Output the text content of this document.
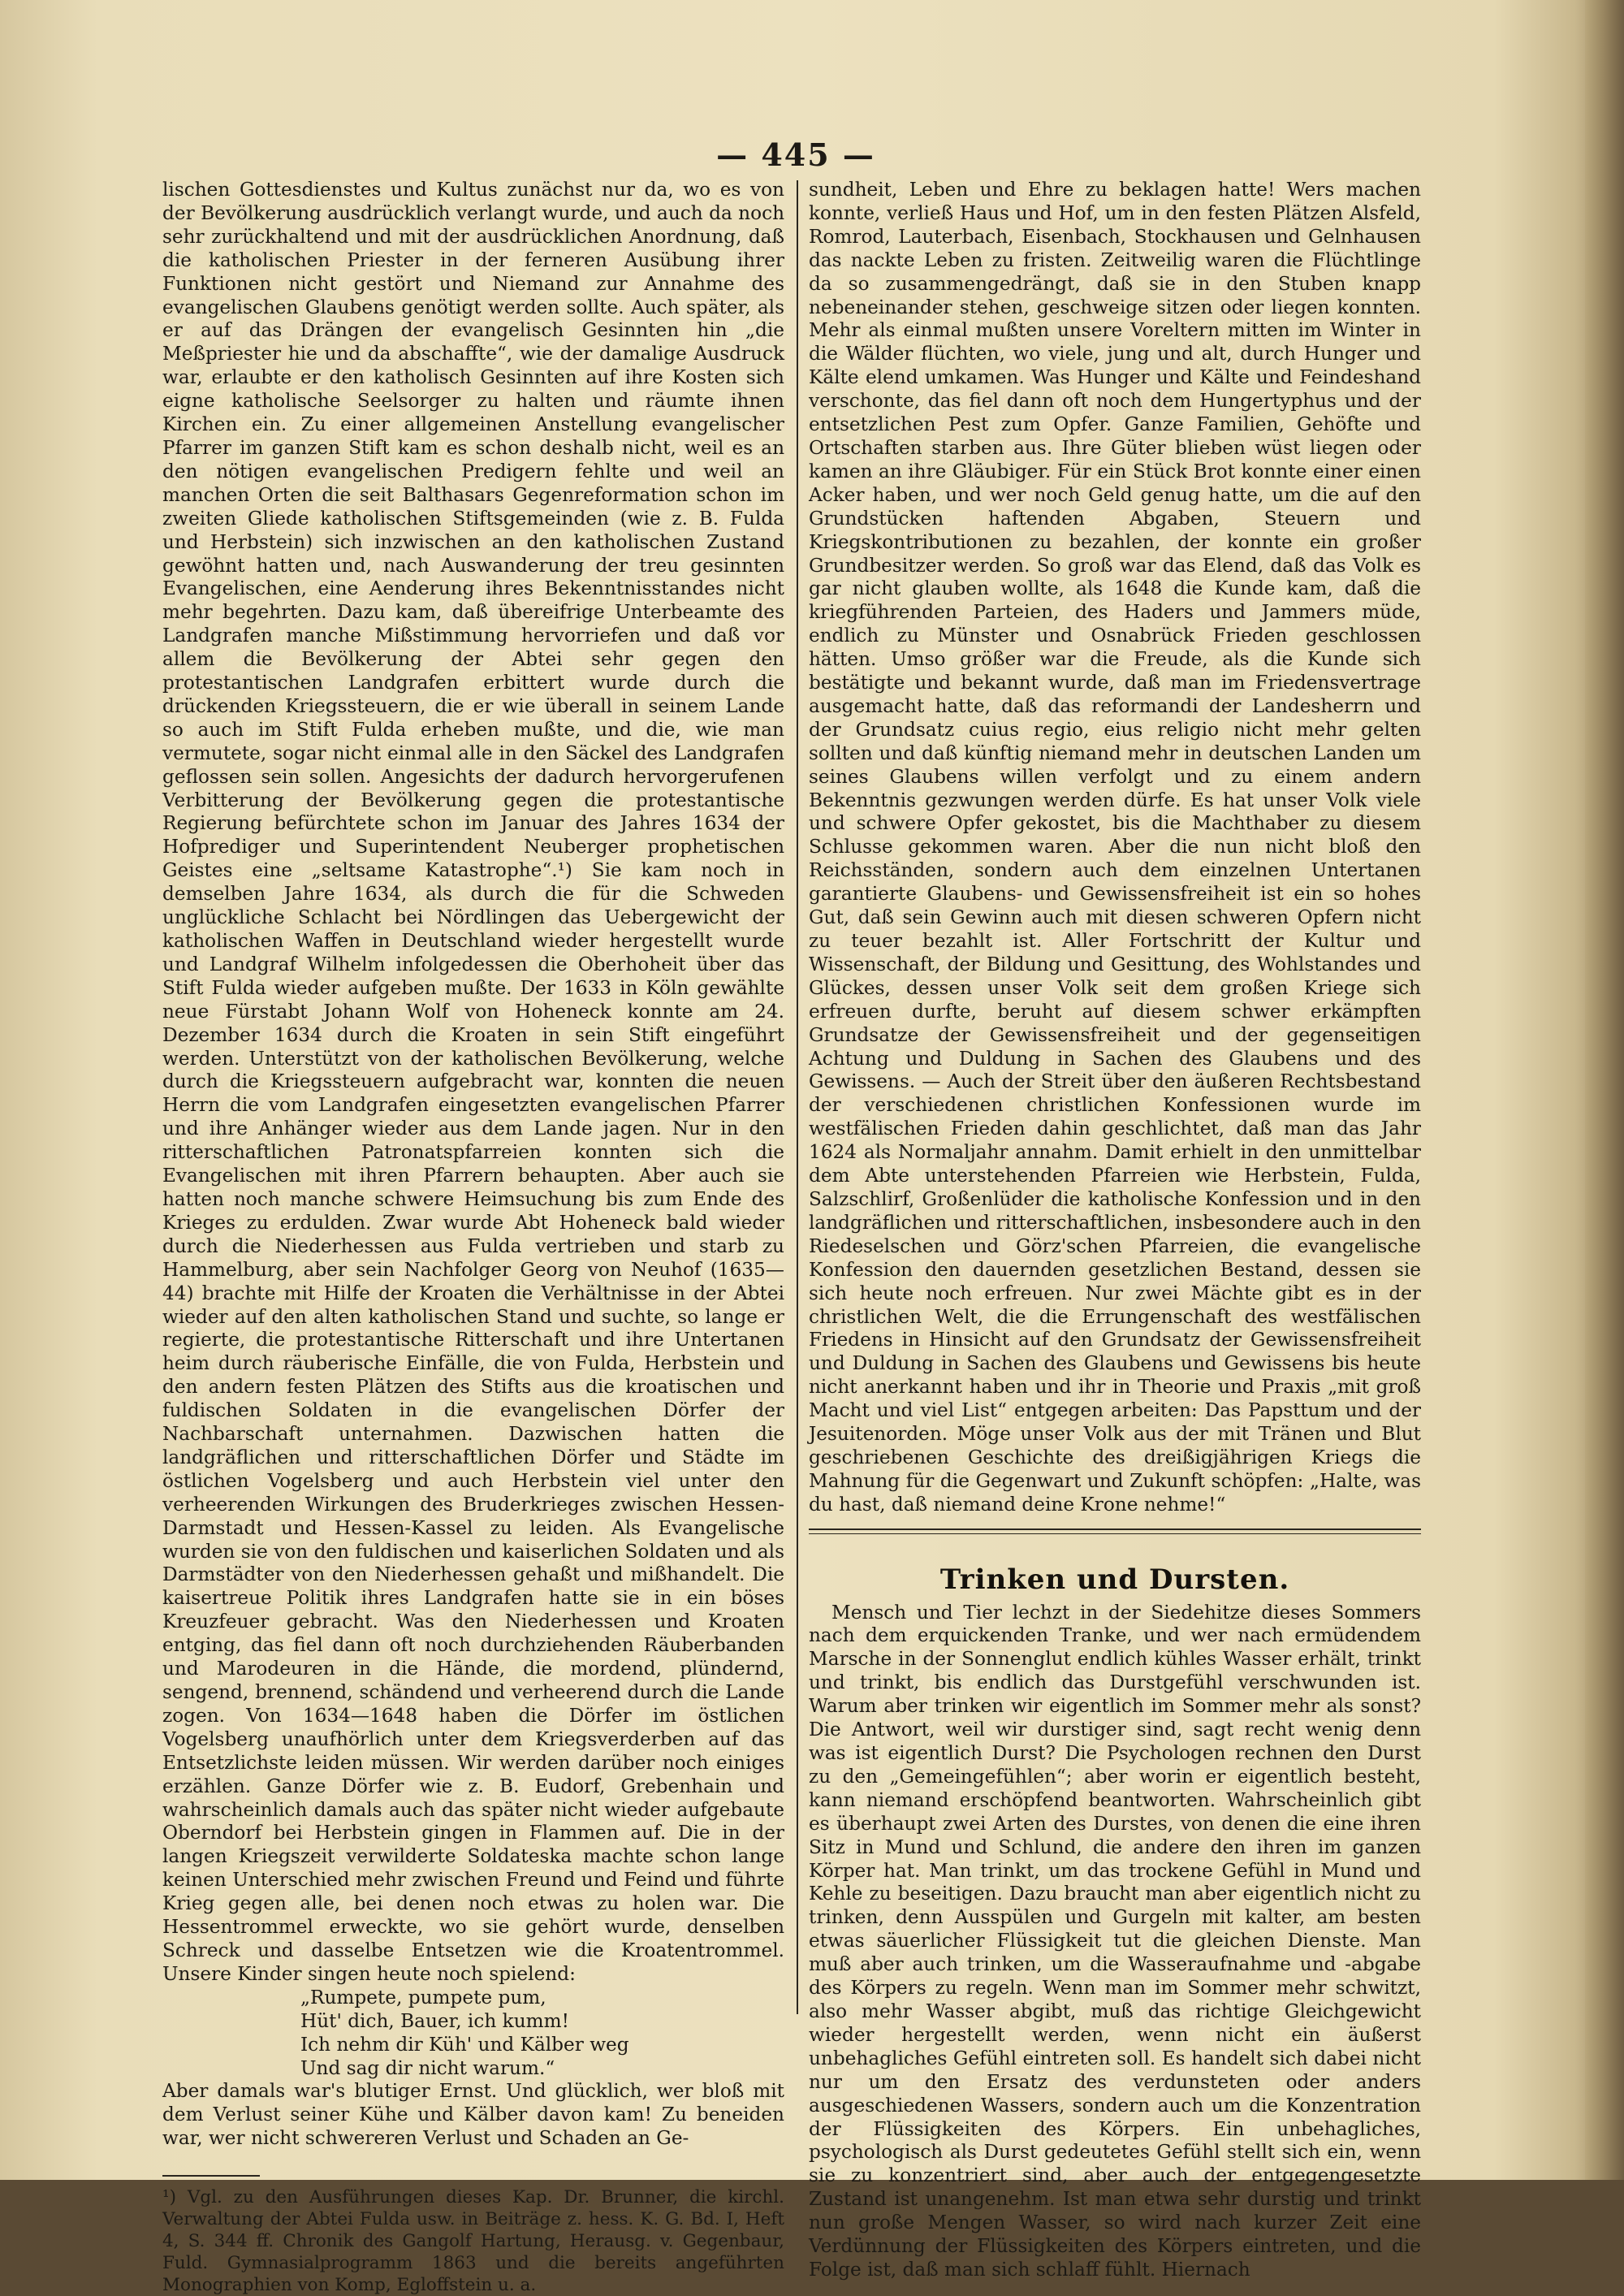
— 445 —

lischen Gottesdienstes und Kultus zunächst nur da, wo es von der Bevölkerung ausdrücklich verlangt wurde, und auch da noch sehr zurückhaltend und mit der ausdrücklichen Anordnung, daß die katholischen Priester in der ferneren Ausübung ihrer Funktionen nicht gestört und Niemand zur Annahme des evangelischen Glaubens genötigt werden sollte. Auch später, als er auf das Drängen der evangelisch Gesinnten hin „die Meßpriester hie und da abschaffte“, wie der damalige Ausdruck war, erlaubte er den katholisch Gesinnten auf ihre Kosten sich eigne katholische Seelsorger zu halten und räumte ihnen Kirchen ein. Zu einer allgemeinen Anstellung evangelischer Pfarrer im ganzen Stift kam es schon deshalb nicht, weil es an den nötigen evangelischen Predigern fehlte und weil an manchen Orten die seit Balthasars Gegenreformation schon im zweiten Gliede katholischen Stiftsgemeinden (wie z. B. Fulda und Herbstein) sich inzwischen an den katholischen Zustand gewöhnt hatten und, nach Auswanderung der treu gesinnten Evangelischen, eine Aenderung ihres Bekenntnisstandes nicht mehr begehrten. Dazu kam, daß übereifrige Unterbeamte des Landgrafen manche Mißstimmung hervorriefen und daß vor allem die Bevölkerung der Abtei sehr gegen den protestantischen Landgrafen erbittert wurde durch die drückenden Kriegssteuern, die er wie überall in seinem Lande so auch im Stift Fulda erheben mußte, und die, wie man vermutete, sogar nicht einmal alle in den Säckel des Landgrafen geflossen sein sollen. Angesichts der dadurch hervorgerufenen Verbitterung der Bevölkerung gegen die protestantische Regierung befürchtete schon im Januar des Jahres 1634 der Hofprediger und Superintendent Neuberger prophetischen Geistes eine „seltsame Katastrophe“.¹) Sie kam noch in demselben Jahre 1634, als durch die für die Schweden unglückliche Schlacht bei Nördlingen das Uebergewicht der katholischen Waffen in Deutschland wieder hergestellt wurde und Landgraf Wilhelm infolgedessen die Oberhoheit über das Stift Fulda wieder aufgeben mußte. Der 1633 in Köln gewählte neue Fürstabt Johann Wolf von Hoheneck konnte am 24. Dezember 1634 durch die Kroaten in sein Stift eingeführt werden. Unterstützt von der katholischen Bevölkerung, welche durch die Kriegssteuern aufgebracht war, konnten die neuen Herrn die vom Landgrafen eingesetzten evangelischen Pfarrer und ihre Anhänger wieder aus dem Lande jagen. Nur in den ritterschaftlichen Patronatspfarreien konnten sich die Evangelischen mit ihren Pfarrern behaupten. Aber auch sie hatten noch manche schwere Heimsuchung bis zum Ende des Krieges zu erdulden. Zwar wurde Abt Hoheneck bald wieder durch die Niederhessen aus Fulda vertrieben und starb zu Hammelburg, aber sein Nachfolger Georg von Neuhof (1635—44) brachte mit Hilfe der Kroaten die Verhältnisse in der Abtei wieder auf den alten katholischen Stand und suchte, so lange er regierte, die protestantische Ritterschaft und ihre Untertanen heim durch räuberische Einfälle, die von Fulda, Herbstein und den andern festen Plätzen des Stifts aus die kroatischen und fuldischen Soldaten in die evangelischen Dörfer der Nachbarschaft unternahmen. Dazwischen hatten die landgräflichen und ritterschaftlichen Dörfer und Städte im östlichen Vogelsberg und auch Herbstein viel unter den verheerenden Wirkungen des Bruderkrieges zwischen Hessen-Darmstadt und Hessen-Kassel zu leiden. Als Evangelische wurden sie von den fuldischen und kaiserlichen Soldaten und als Darmstädter von den Niederhessen gehaßt und mißhandelt. Die kaisertreue Politik ihres Landgrafen hatte sie in ein böses Kreuzfeuer gebracht. Was den Niederhessen und Kroaten entging, das fiel dann oft noch durchziehenden Räuberbanden und Marodeuren in die Hände, die mordend, plündernd, sengend, brennend, schändend und verheerend durch die Lande zogen. Von 1634—1648 haben die Dörfer im östlichen Vogelsberg unaufhörlich unter dem Kriegsverderben auf das Entsetzlichste leiden müssen. Wir werden darüber noch einiges erzählen. Ganze Dörfer wie z. B. Eudorf, Grebenhain und wahrscheinlich damals auch das später nicht wieder aufgebaute Oberndorf bei Herbstein gingen in Flammen auf. Die in der langen Kriegszeit verwilderte Soldateska machte schon lange keinen Unterschied mehr zwischen Freund und Feind und führte Krieg gegen alle, bei denen noch etwas zu holen war. Die Hessentrommel erweckte, wo sie gehört wurde, denselben Schreck und dasselbe Entsetzen wie die Kroatentrommel. Unsere Kinder singen heute noch spielend:

„Rumpete, pumpete pum,
Hüt' dich, Bauer, ich kumm!
Ich nehm dir Küh' und Kälber weg
Und sag dir nicht warum.“

Aber damals war's blutiger Ernst. Und glücklich, wer bloß mit dem Verlust seiner Kühe und Kälber davon kam! Zu beneiden war, wer nicht schwereren Verlust und Schaden an Ge-

¹) Vgl. zu den Ausführungen dieses Kap. Dr. Brunner, die kirchl. Verwaltung der Abtei Fulda usw. in Beiträge z. hess. K. G. Bd. I, Heft 4, S. 344 ff. Chronik des Gangolf Hartung, Herausg. v. Gegenbaur, Fuld. Gymnasialprogramm 1863 und die bereits angeführten Monographien von Komp, Egloffstein u. a.

sundheit, Leben und Ehre zu beklagen hatte! Wers machen konnte, verließ Haus und Hof, um in den festen Plätzen Alsfeld, Romrod, Lauterbach, Eisenbach, Stockhausen und Gelnhausen das nackte Leben zu fristen. Zeitweilig waren die Flüchtlinge da so zusammengedrängt, daß sie in den Stuben knapp nebeneinander stehen, geschweige sitzen oder liegen konnten. Mehr als einmal mußten unsere Voreltern mitten im Winter in die Wälder flüchten, wo viele, jung und alt, durch Hunger und Kälte elend umkamen. Was Hunger und Kälte und Feindeshand verschonte, das fiel dann oft noch dem Hungertyphus und der entsetzlichen Pest zum Opfer. Ganze Familien, Gehöfte und Ortschaften starben aus. Ihre Güter blieben wüst liegen oder kamen an ihre Gläubiger. Für ein Stück Brot konnte einer einen Acker haben, und wer noch Geld genug hatte, um die auf den Grundstücken haftenden Abgaben, Steuern und Kriegskontributionen zu bezahlen, der konnte ein großer Grundbesitzer werden. So groß war das Elend, daß das Volk es gar nicht glauben wollte, als 1648 die Kunde kam, daß die kriegführenden Parteien, des Haders und Jammers müde, endlich zu Münster und Osnabrück Frieden geschlossen hätten. Umso größer war die Freude, als die Kunde sich bestätigte und bekannt wurde, daß man im Friedensvertrage ausgemacht hatte, daß das reformandi der Landesherrn und der Grundsatz cuius regio, eius religio nicht mehr gelten sollten und daß künftig niemand mehr in deutschen Landen um seines Glaubens willen verfolgt und zu einem andern Bekenntnis gezwungen werden dürfe. Es hat unser Volk viele und schwere Opfer gekostet, bis die Machthaber zu diesem Schlusse gekommen waren. Aber die nun nicht bloß den Reichsständen, sondern auch dem einzelnen Untertanen garantierte Glaubens- und Gewissensfreiheit ist ein so hohes Gut, daß sein Gewinn auch mit diesen schweren Opfern nicht zu teuer bezahlt ist. Aller Fortschritt der Kultur und Wissenschaft, der Bildung und Gesittung, des Wohlstandes und Glückes, dessen unser Volk seit dem großen Kriege sich erfreuen durfte, beruht auf diesem schwer erkämpften Grundsatze der Gewissensfreiheit und der gegenseitigen Achtung und Duldung in Sachen des Glaubens und des Gewissens. — Auch der Streit über den äußeren Rechtsbestand der verschiedenen christlichen Konfessionen wurde im westfälischen Frieden dahin geschlichtet, daß man das Jahr 1624 als Normaljahr annahm. Damit erhielt in den unmittelbar dem Abte unterstehenden Pfarreien wie Herbstein, Fulda, Salzschlirf, Großenlüder die katholische Konfession und in den landgräflichen und ritterschaftlichen, insbesondere auch in den Riedeselschen und Görz'schen Pfarreien, die evangelische Konfession den dauernden gesetzlichen Bestand, dessen sie sich heute noch erfreuen. Nur zwei Mächte gibt es in der christlichen Welt, die die Errungenschaft des westfälischen Friedens in Hinsicht auf den Grundsatz der Gewissensfreiheit und Duldung in Sachen des Glaubens und Gewissens bis heute nicht anerkannt haben und ihr in Theorie und Praxis „mit groß Macht und viel List“ entgegen arbeiten: Das Papsttum und der Jesuitenorden. Möge unser Volk aus der mit Tränen und Blut geschriebenen Geschichte des dreißigjährigen Kriegs die Mahnung für die Gegenwart und Zukunft schöpfen: „Halte, was du hast, daß niemand deine Krone nehme!“

Trinken und Dursten.

Mensch und Tier lechzt in der Siedehitze dieses Sommers nach dem erquickenden Tranke, und wer nach ermüdendem Marsche in der Sonnenglut endlich kühles Wasser erhält, trinkt und trinkt, bis endlich das Durstgefühl verschwunden ist. Warum aber trinken wir eigentlich im Sommer mehr als sonst? Die Antwort, weil wir durstiger sind, sagt recht wenig denn was ist eigentlich Durst? Die Psychologen rechnen den Durst zu den „Gemeingefühlen“; aber worin er eigentlich besteht, kann niemand erschöpfend beantworten. Wahrscheinlich gibt es überhaupt zwei Arten des Durstes, von denen die eine ihren Sitz in Mund und Schlund, die andere den ihren im ganzen Körper hat. Man trinkt, um das trockene Gefühl in Mund und Kehle zu beseitigen. Dazu braucht man aber eigentlich nicht zu trinken, denn Ausspülen und Gurgeln mit kalter, am besten etwas säuerlicher Flüssigkeit tut die gleichen Dienste. Man muß aber auch trinken, um die Wasseraufnahme und -abgabe des Körpers zu regeln. Wenn man im Sommer mehr schwitzt, also mehr Wasser abgibt, muß das richtige Gleichgewicht wieder hergestellt werden, wenn nicht ein äußerst unbehagliches Gefühl eintreten soll. Es handelt sich dabei nicht nur um den Ersatz des verdunsteten oder anders ausgeschiedenen Wassers, sondern auch um die Konzentration der Flüssigkeiten des Körpers. Ein unbehagliches, psychologisch als Durst gedeutetes Gefühl stellt sich ein, wenn sie zu konzentriert sind, aber auch der entgegengesetzte Zustand ist unangenehm. Ist man etwa sehr durstig und trinkt nun große Mengen Wasser, so wird nach kurzer Zeit eine Verdünnung der Flüssigkeiten des Körpers eintreten, und die Folge ist, daß man sich schlaff fühlt. Hiernach
